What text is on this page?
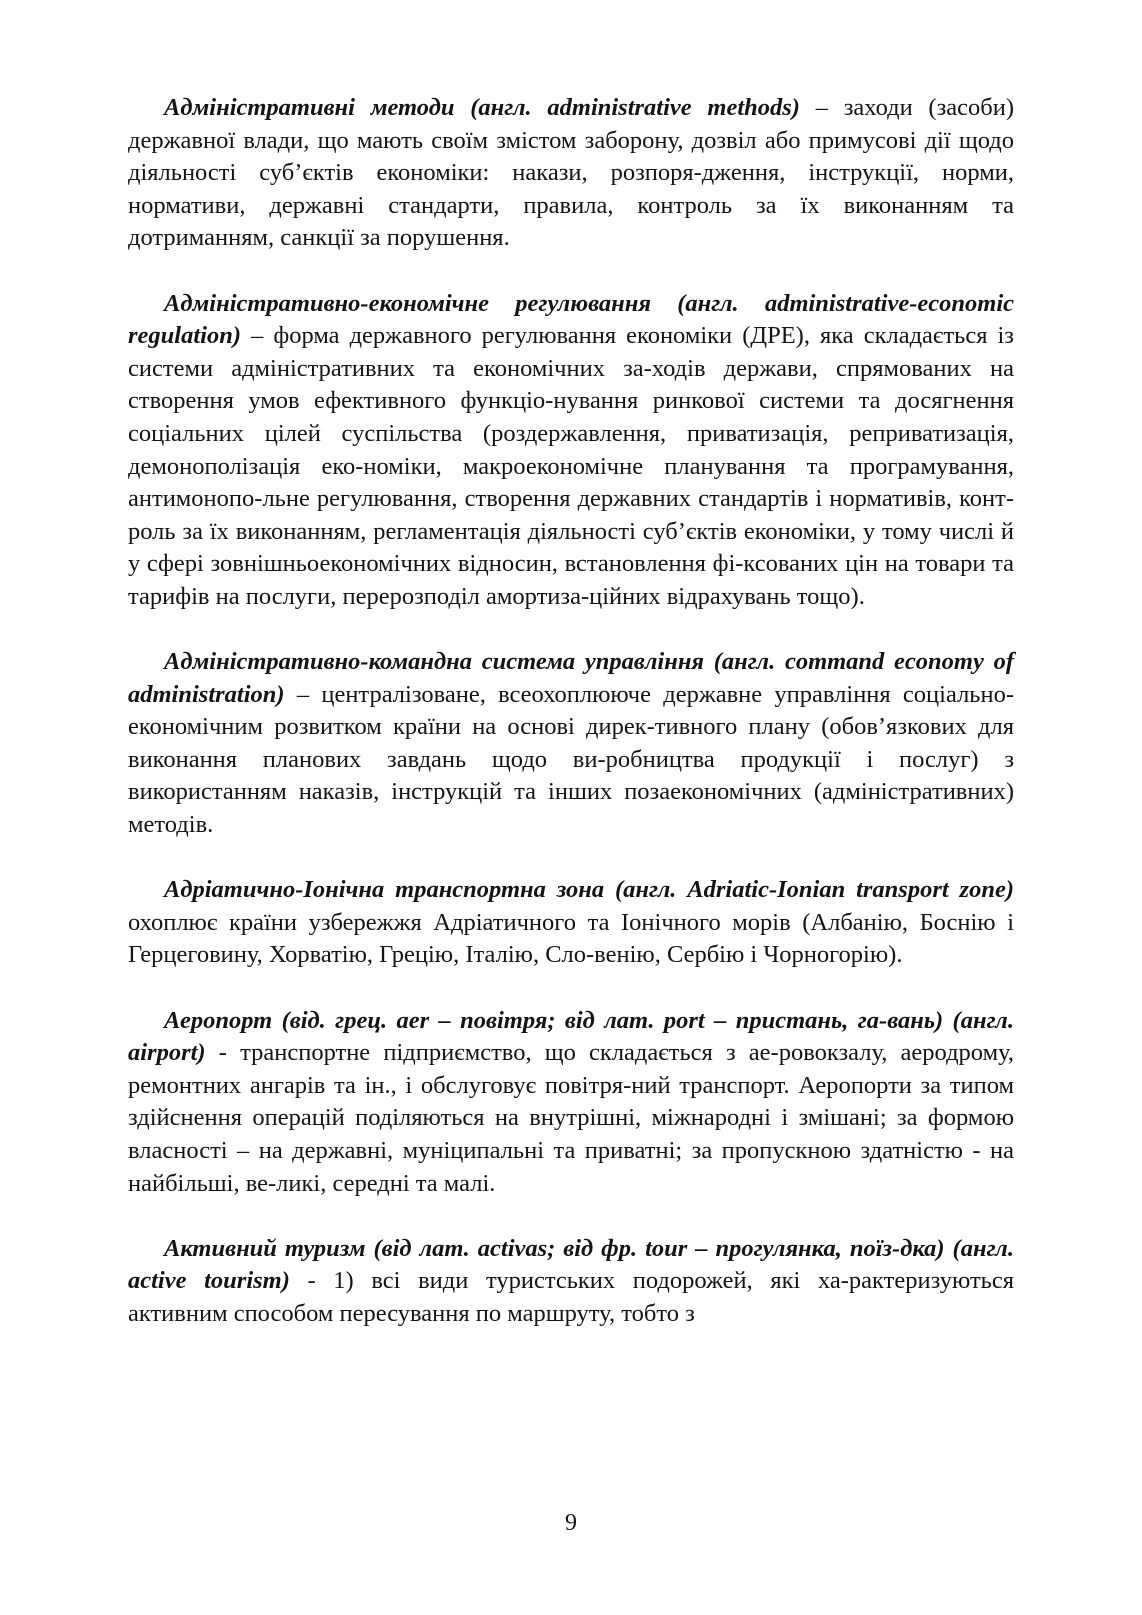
Адміністративні методи (англ. administrative methods) – заходи (засоби) державної влади, що мають своїм змістом заборону, дозвіл або примусові дії щодо діяльності суб’єктів економіки: накази, розпоря-дження, інструкції, норми, нормативи, державні стандарти, правила, контроль за їх виконанням та дотриманням, санкції за порушення.

Адміністративно-економічне регулювання (англ. administrative-economic regulation) – форма державного регулювання економіки (ДРЕ), яка складається із системи адміністративних та економічних за-ходів держави, спрямованих на створення умов ефективного функціо-нування ринкової системи та досягнення соціальних цілей суспільства (роздержавлення, приватизація, реприватизація, демонополізація еко-номіки, макроекономічне планування та програмування, антимонопо-льне регулювання, створення державних стандартів і нормативів, конт-роль за їх виконанням, регламентація діяльності суб’єктів економіки, у тому числі й у сфері зовнішньоекономічних відносин, встановлення фі-ксованих цін на товари та тарифів на послуги, перерозподіл амортиза-ційних відрахувань тощо).

Адміністративно-командна система управління (англ. command economy of administration) – централізоване, всеохоплююче державне управління соціально-економічним розвитком країни на основі дирек-тивного плану (обов’язкових для виконання планових завдань щодо ви-робництва продукції і послуг) з використанням наказів, інструкцій та інших позаекономічних (адміністративних) методів.

Адріатично-Іонічна транспортна зона (англ. Adriatic-Ionian transport zone) охоплює країни узбережжя Адріатичного та Іонічного морів (Албанію, Боснію і Герцеговину, Хорватію, Грецію, Італію, Сло-венію, Сербію і Чорногорію).

Аеропорт (від. грец. aer – повітря; від лат. port – пристань, га-вань) (англ. airport) - транспортне підприємство, що складається з ае-ровокзалу, аеродрому, ремонтних ангарів та ін., і обслуговує повітря-ний транспорт. Аеропорти за типом здійснення операцій поділяються на внутрішні, міжнародні і змішані; за формою власності – на державні, муніципальні та приватні; за пропускною здатністю - на найбільші, ве-ликі, середні та малі.

Активний туризм (від лат. activas; від фр. tour – прогулянка, поїз-дка) (англ. active tourism) - 1) всі види туристських подорожей, які ха-рактеризуються активним способом пересування по маршруту, тобто з

9
